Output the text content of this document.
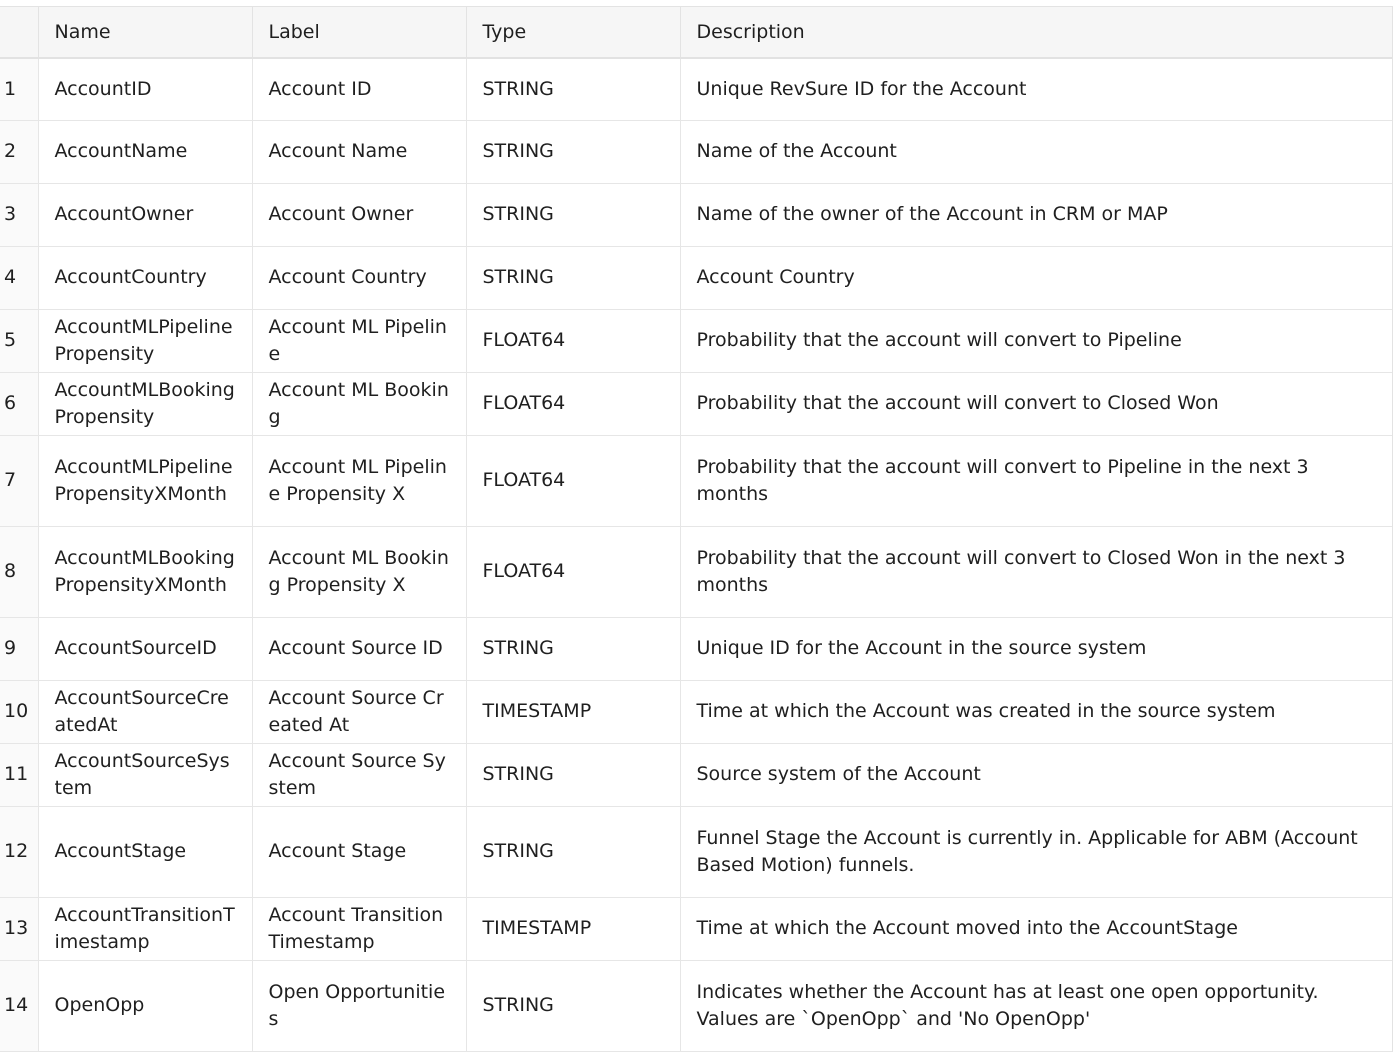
	Name	Label	Type	Description
1	AccountID	Account ID	STRING	Unique RevSure ID for the Account
2	AccountName	Account Name	STRING	Name of the Account
3	AccountOwner	Account Owner	STRING	Name of the owner of the Account in CRM or MAP
4	AccountCountry	Account Country	STRING	Account Country
5	AccountMLPipelinePropensity	Account ML Pipeline	FLOAT64	Probability that the account will convert to Pipeline
6	AccountMLBookingPropensity	Account ML Booking	FLOAT64	Probability that the account will convert to Closed Won
7	AccountMLPipelinePropensityXMonth	Account ML Pipeline Propensity X	FLOAT64	Probability that the account will convert to Pipeline in the next 3 months
8	AccountMLBookingPropensityXMonth	Account ML Booking Propensity X	FLOAT64	Probability that the account will convert to Closed Won in the next 3 months
9	AccountSourceID	Account Source ID	STRING	Unique ID for the Account in the source system
10	AccountSourceCreatedAt	Account Source Created At	TIMESTAMP	Time at which the Account was created in the source system
11	AccountSourceSystem	Account Source System	STRING	Source system of the Account
12	AccountStage	Account Stage	STRING	Funnel Stage the Account is currently in. Applicable for ABM (Account Based Motion) funnels.
13	AccountTransitionTimestamp	Account Transition Timestamp	TIMESTAMP	Time at which the Account moved into the AccountStage
14	OpenOpp	Open Opportunities	STRING	Indicates whether the Account has at least one open opportunity. Values are `OpenOpp` and 'No OpenOpp'
